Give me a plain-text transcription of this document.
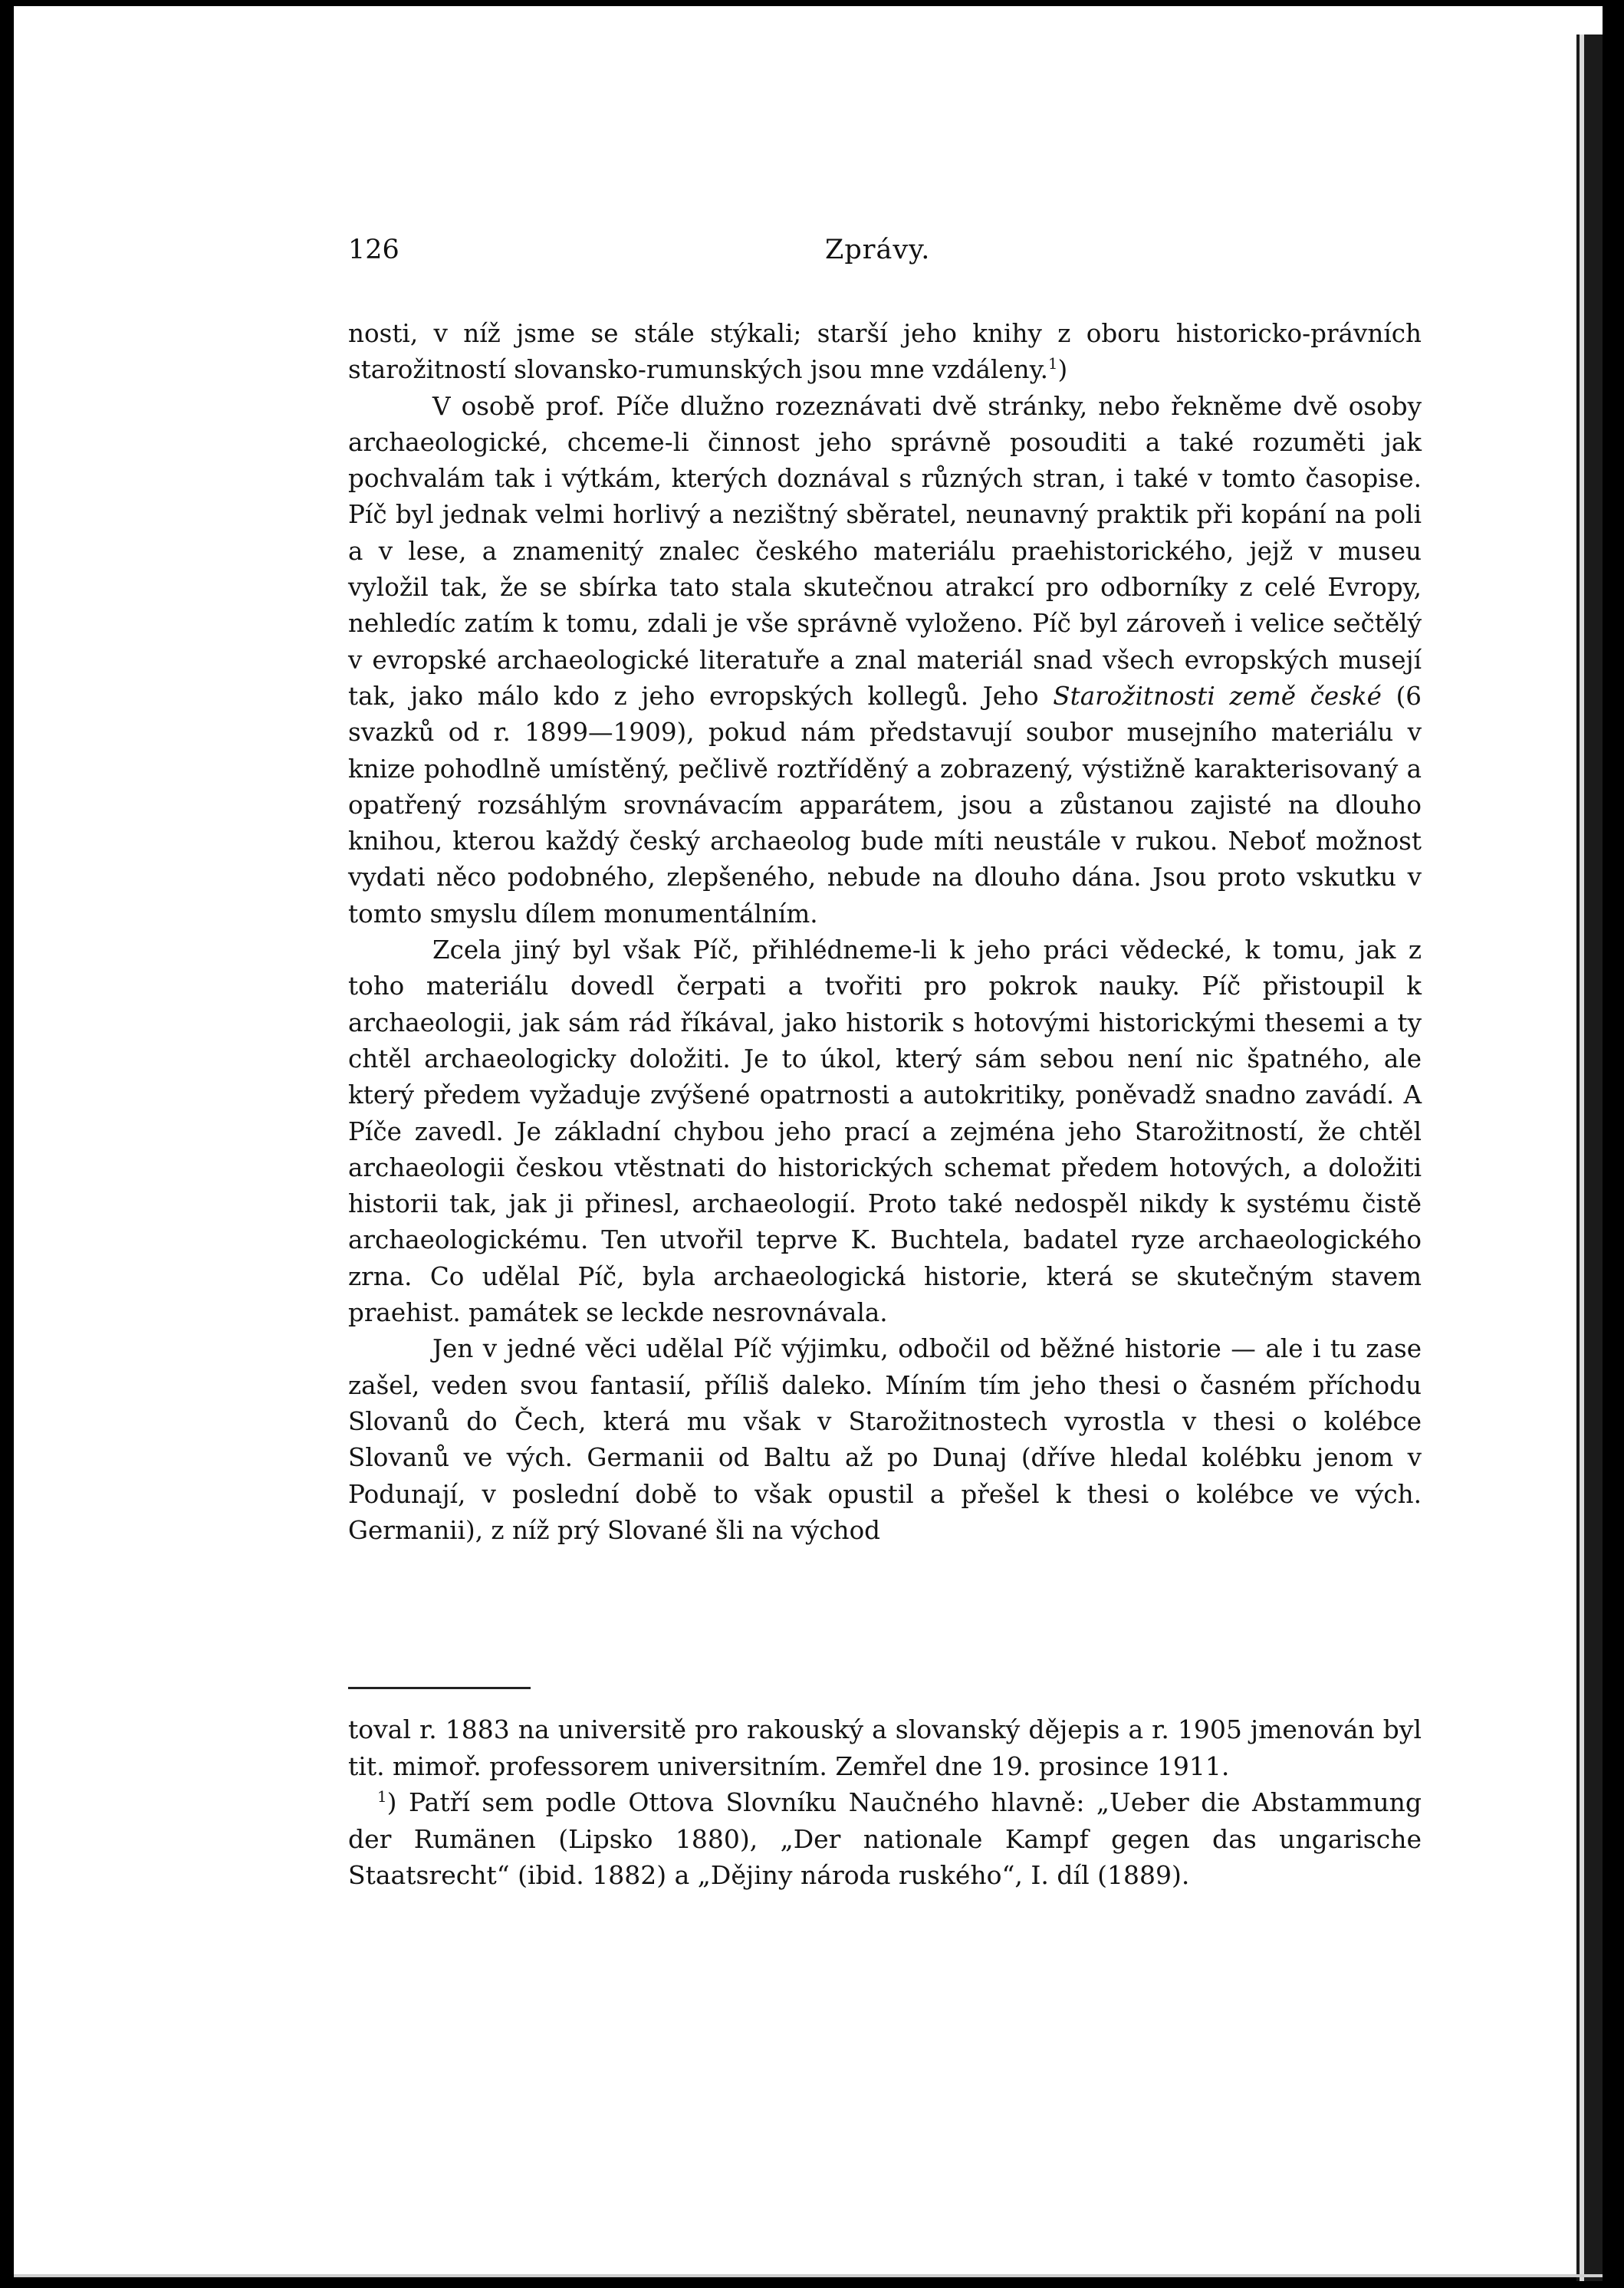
126	Zprávy.

nosti, v níž jsme se stále stýkali; starší jeho knihy z oboru historicko-právních starožitností slovansko-rumunských jsou mne vzdáleny.$^1$)

V osobě prof. Píče dlužno rozeznávati dvě stránky, nebo řekněme dvě osoby archaeologické, chceme-li činnost jeho správně posouditi a také rozuměti jak pochvalám tak i výtkám, kterých doznával s různých stran, i také v tomto časopise. Píč byl jednak velmi horlivý a nezištný sběratel, neunavný praktik při kopání na poli a v lese, a znamenitý znalec českého materiálu praehistorického, jejž v museu vyložil tak, že se sbírka tato stala skutečnou atrakcí pro odborníky z celé Evropy, nehledíc zatím k tomu, zdali je vše správně vyloženo. Píč byl zároveň i velice sečtělý v evropské archaeologické literatuře a znal materiál snad všech evropských musejí tak, jako málo kdo z jeho evropských kollegů. Jeho Starožitnosti země české (6 svazků od r. 1899—1909), pokud nám představují soubor musejního materiálu v knize pohodlně umístěný, pečlivě roztříděný a zobrazený, výstižně karakterisovaný a opatřený rozsáhlým srovnávacím apparátem, jsou a zůstanou zajisté na dlouho knihou, kterou každý český archaeolog bude míti neustále v rukou. Neboť možnost vydati něco podobného, zlepšeného, nebude na dlouho dána. Jsou proto vskutku v tomto smyslu dílem monumentálním.

Zcela jiný byl však Píč, přihlédneme-li k jeho práci vědecké, k tomu, jak z toho materiálu dovedl čerpati a tvořiti pro pokrok nauky. Píč přistoupil k archaeologii, jak sám rád říkával, jako historik s hotovými historickými thesemi a ty chtěl archaeologicky doložiti. Je to úkol, který sám sebou není nic špatného, ale který předem vyžaduje zvýšené opatrnosti a autokritiky, poněvadž snadno zavádí. A Píče zavedl. Je základní chybou jeho prací a zejména jeho Starožitností, že chtěl archaeologii českou vtěstnati do historických schemat předem hotových, a doložiti historii tak, jak ji přinesl, archaeologií. Proto také nedospěl nikdy k systému čistě archaeologickému. Ten utvořil teprve K. Buchtela, badatel ryze archaeologického zrna. Co udělal Píč, byla archaeologická historie, která se skutečným stavem praehist. památek se leckde nesrovnávala.

Jen v jedné věci udělal Píč výjimku, odbočil od běžné historie — ale i tu zase zašel, veden svou fantasií, příliš daleko. Míním tím jeho thesi o časném příchodu Slovanů do Čech, která mu však v Starožitnostech vyrostla v thesi o kolébce Slovanů ve vých. Germanii od Baltu až po Dunaj (dříve hledal kolébku jenom v Podunají, v poslední době to však opustil a přešel k thesi o kolébce ve vých. Germanii), z níž prý Slované šli na východ

toval r. 1883 na universitě pro rakouský a slovanský dějepis a r. 1905 jmenován byl tit. mimoř. professorem universitním. Zemřel dne 19. prosince 1911.

$^1$) Patří sem podle Ottova Slovníku Naučného hlavně: „Ueber die Abstammung der Rumänen (Lipsko 1880), „Der nationale Kampf gegen das ungarische Staatsrecht“ (ibid. 1882) a „Dějiny národa ruského“, I. díl (1889).
